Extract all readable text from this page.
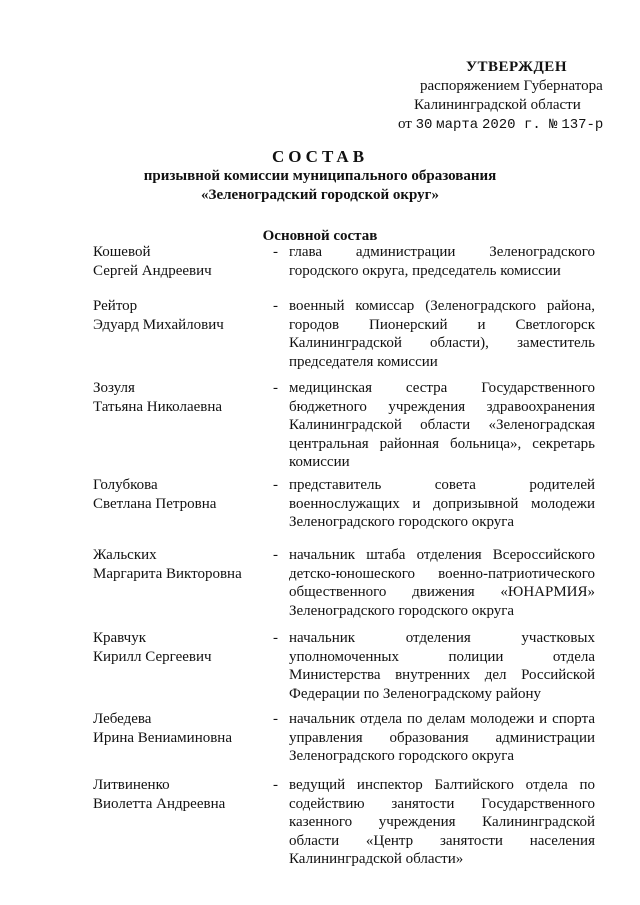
УТВЕРЖДЕН
распоряжением Губернатора
Калининградской области
от 30 марта 2020 г. № 137-р
СОСТАВ
призывной комиссии муниципального образования
«Зеленоградский городской округ»
Основной состав
Кошевой
Сергей Андреевич
- глава администрации Зеленоградского городского округа, председатель комиссии
Рейтор
Эдуард Михайлович
- военный комиссар (Зеленоградского района, городов Пионерский и Светлогорск Калининградской области), заместитель председателя комиссии
Зозуля
Татьяна Николаевна
- медицинская сестра Государственного бюджетного учреждения здравоохранения Калининградской области «Зеленоградская центральная районная больница», секретарь комиссии
Голубкова
Светлана Петровна
- представитель совета родителей военнослужащих и допризывной молодежи Зеленоградского городского округа
Жальских
Маргарита Викторовна
- начальник штаба отделения Всероссийского детско-юношеского военно-патриотического общественного движения «ЮНАРМИЯ» Зеленоградского городского округа
Кравчук
Кирилл Сергеевич
- начальник отделения участковых уполномоченных полиции отдела Министерства внутренних дел Российской Федерации по Зеленоградскому району
Лебедева
Ирина Вениаминовна
- начальник отдела по делам молодежи и спорта управления образования администрации Зеленоградского городского округа
Литвиненко
Виолетта Андреевна
- ведущий инспектор Балтийского отдела по содействию занятости Государственного казенного учреждения Калининградской области «Центр занятости населения Калининградской области»
